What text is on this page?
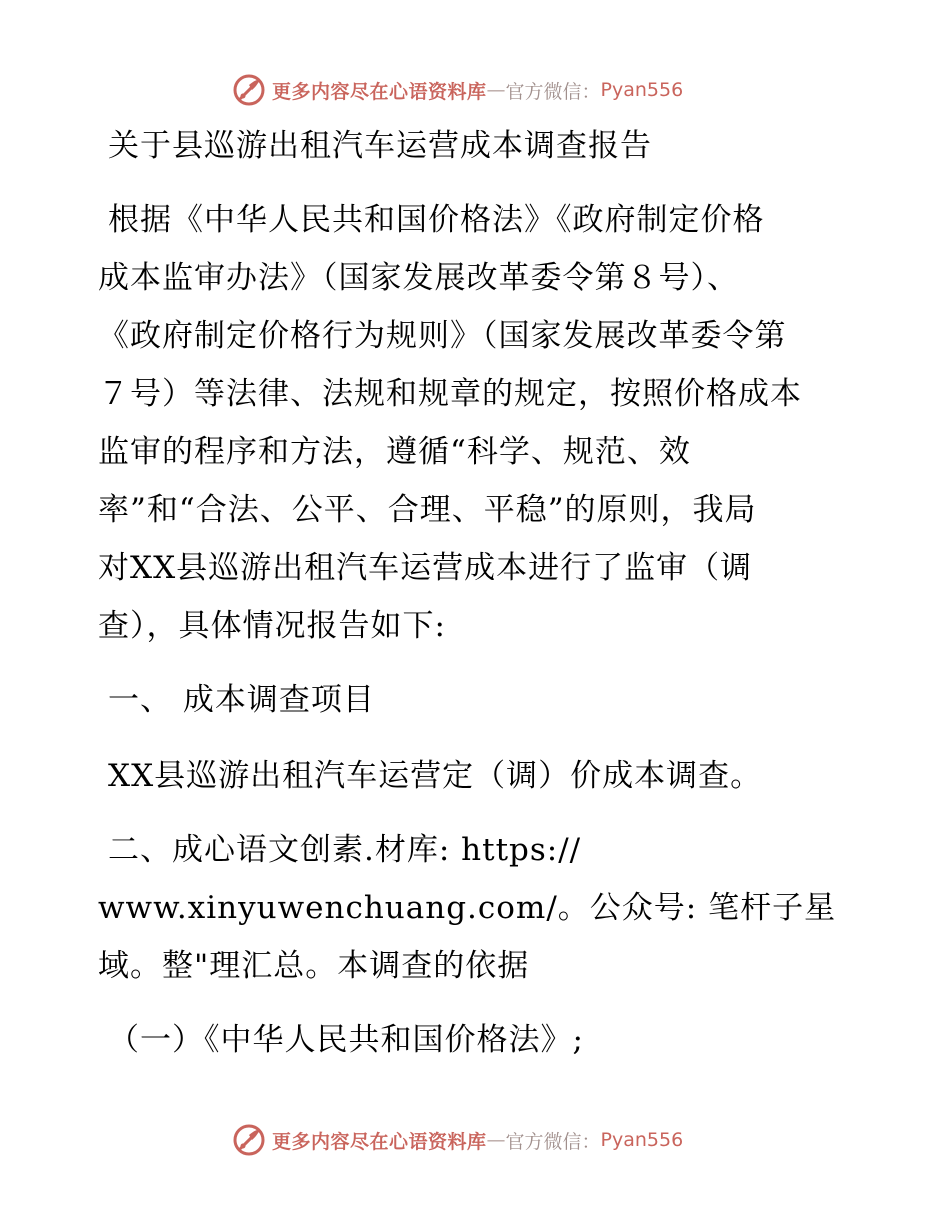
更多内容尽在心语资料库 — 官方微信： Pyan556
关于县巡游出租汽车运营成本调查报告
根据《中华人民共和国价格法》《政府制定价格
成本监审办法》（国家发展改革委令第８号）、
《政府制定价格行为规则》（国家发展改革委令第
７号）等法律、法规和规章的规定，按照价格成本
监审的程序和方法，遵循“科学、规范、效
率”和“合法、公平、合理、平稳”的原则，我局
对XX县巡游出租汽车运营成本进行了监审（调
查），具体情况报告如下:
一、 成本调查项目
XX县巡游出租汽车运营定（调）价成本调查。
二、成心语文创素.材库: https://
www.xinyuwenchuang.com/。公众号: 笔杆子星
域。整"理汇总。本调查的依据
（一）《中华人民共和国价格法》;
更多内容尽在心语资料库 — 官方微信： Pyan556
